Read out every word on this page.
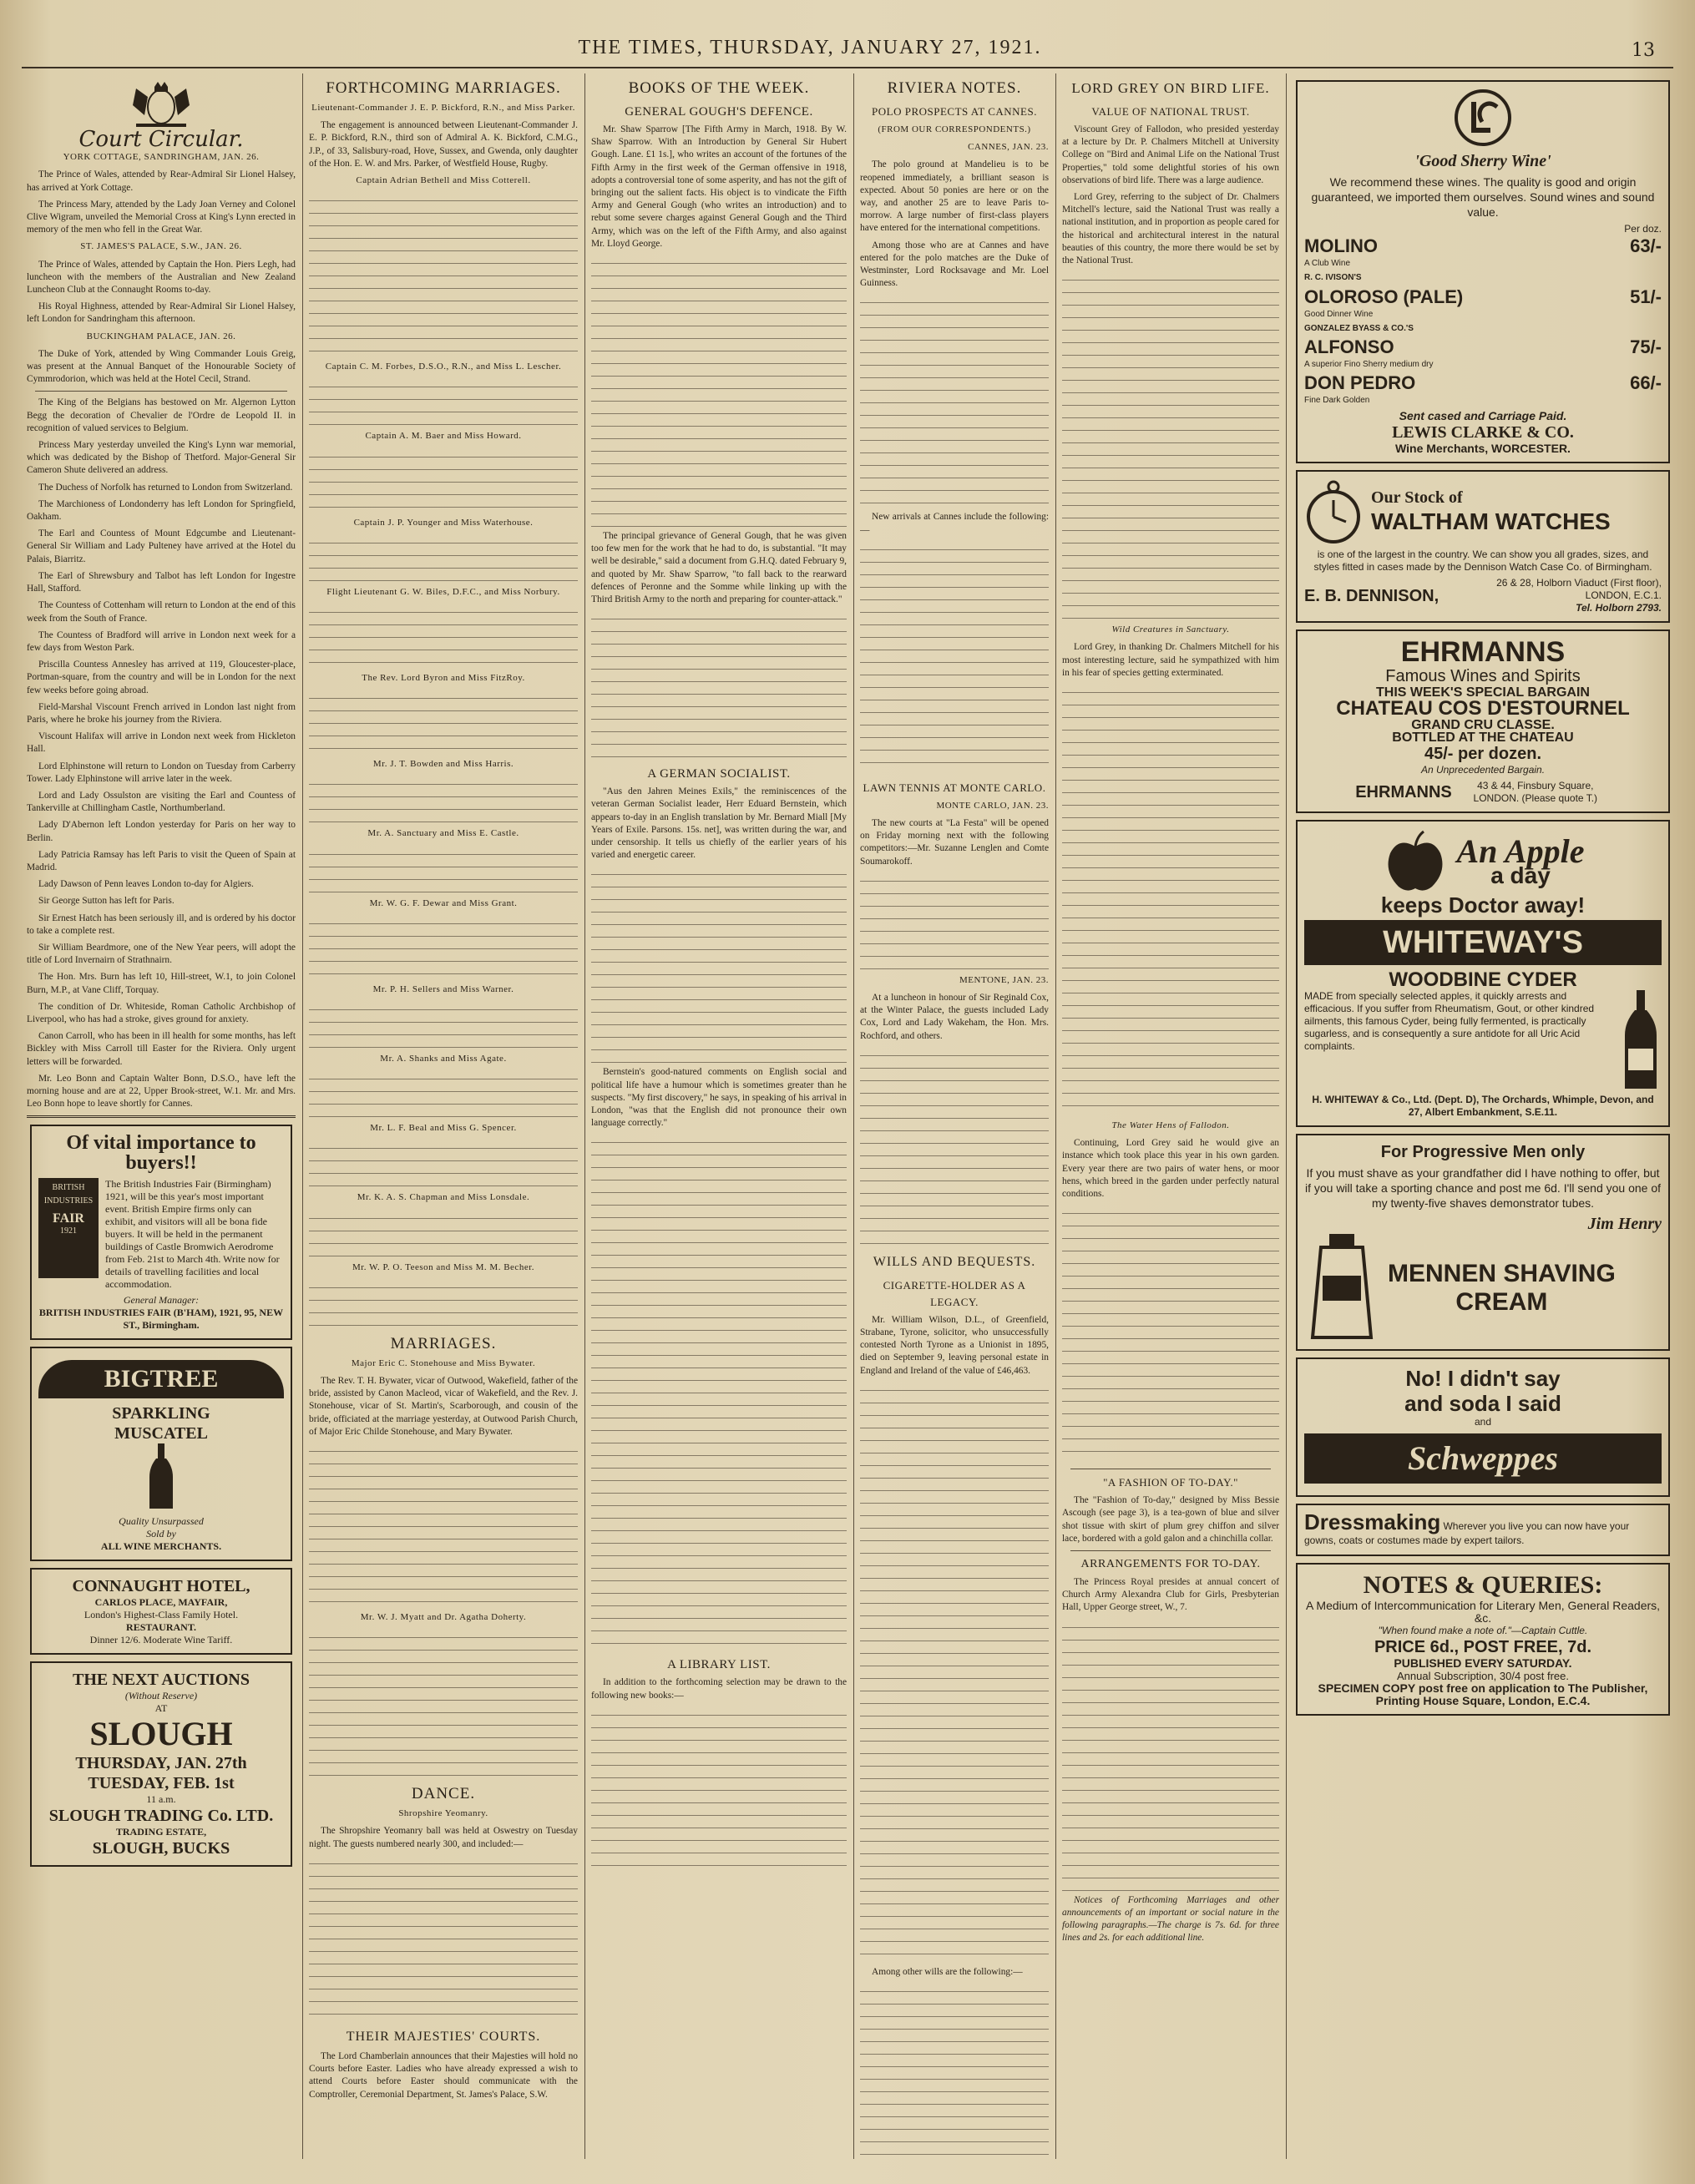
THE TIMES, THURSDAY, JANUARY 27, 1921.	13
Court Circular.
YORK COTTAGE, SANDRINGHAM, JAN. 26.

The Prince of Wales, attended by Rear-Admiral Sir Lionel Halsey, has arrived at York Cottage.

The Princess Mary, attended by the Lady Joan Verney and Colonel Clive Wigram, unveiled the Memorial Cross at King's Lynn erected in memory of the men who fell in the Great War.

ST. JAMES'S PALACE, S.W., JAN. 26.

The Prince of Wales, attended by Captain the Hon. Piers Legh, had luncheon with the members of the Australian and New Zealand Luncheon Club at the Connaught Rooms to-day.

His Royal Highness, attended by Rear-Admiral Sir Lionel Halsey, left London for Sandringham this afternoon.

BUCKINGHAM PALACE, JAN. 26.

The Duke of York, attended by Wing Commander Louis Greig, was present at the Annual Banquet of the Honourable Society of Cymmrodorion, which was held at the Hotel Cecil, Strand.

The King of the Belgians has bestowed on Mr. Algernon Lytton Begg the decoration of Chevalier de l'Ordre de Leopold II. in recognition of valued services to Belgium.

Princess Mary yesterday unveiled the King's Lynn war memorial, which was dedicated by the Bishop of Thetford. Major-General Sir Cameron Shute delivered an address.

The Duchess of Norfolk has returned to London from Switzerland.

The Marchioness of Londonderry has left London for Springfield, Oakham.

The Earl and Countess of Mount Edgcumbe and Lieutenant-General Sir William and Lady Pulteney have arrived at the Hotel du Palais, Biarritz.

The Earl of Shrewsbury and Talbot has left London for Ingestre Hall, Stafford.

The Countess of Cottenham will return to London at the end of this week from the South of France.

The Countess of Bradford will arrive in London next week for a few days from Weston Park.

Priscilla Countess Annesley has arrived at 119, Gloucester-place, Portman-square, from the country and will be in London for the next few weeks before going abroad.

Field-Marshal Viscount French arrived in London last night from Paris, where he broke his journey from the Riviera.

Viscount Halifax will arrive in London next week from Hickleton Hall.

Lord Elphinstone will return to London on Tuesday from Carberry Tower. Lady Elphinstone will arrive later in the week.

Lord and Lady Ossulston are visiting the Earl and Countess of Tankerville at Chillingham Castle, Northumberland.

Lady D'Abernon left London yesterday for Paris on her way to Berlin.

Lady Patricia Ramsay has left Paris to visit the Queen of Spain at Madrid.

Lady Dawson of Penn leaves London to-day for Algiers.

Sir George Sutton has left for Paris.

Sir Ernest Hatch has been seriously ill, and is ordered by his doctor to take a complete rest.

Sir William Beardmore, one of the New Year peers, will adopt the title of Lord Invernairn of Strathnairn.

The Hon. Mrs. Burn has left 10, Hill-street, W.1, to join Colonel Burn, M.P., at Vane Cliff, Torquay.

The condition of Dr. Whiteside, Roman Catholic Archbishop of Liverpool, who has had a stroke, gives ground for anxiety.

Canon Carroll, who has been in ill health for some months, has left Bickley with Miss Carroll till Easter for the Riviera. Only urgent letters will be forwarded.

Mr. Leo Bonn and Captain Walter Bonn, D.S.O., have left the morning house and are at 22, Upper Brook-street, W.1. Mr. and Mrs. Leo Bonn hope to leave shortly for Cannes.

Of vital importance to buyers!!
BRITISH INDUSTRIES
FAIR
1921
The British Industries Fair (Birmingham) 1921, will be this year's most important event. British Empire firms only can exhibit, and visitors will all be bona fide buyers. It will be held in the permanent buildings of Castle Bromwich Aerodrome from Feb. 21st to March 4th. Write now for details of travelling facilities and local accommodation.
General Manager:
BRITISH INDUSTRIES FAIR (B'HAM), 1921, 95, NEW ST., Birmingham.
BIGTREE
SPARKLING
MUSCATEL
Quality Unsurpassed
Sold by
ALL WINE MERCHANTS.
CONNAUGHT HOTEL,
CARLOS PLACE, MAYFAIR,
London's Highest-Class Family Hotel.
RESTAURANT.
Dinner 12/6. Moderate Wine Tariff.
THE NEXT AUCTIONS
(Without Reserve)
AT
SLOUGH
THURSDAY, JAN. 27th
TUESDAY, FEB. 1st
11 a.m.
SLOUGH TRADING Co. LTD.
TRADING ESTATE,
SLOUGH, BUCKS
FORTHCOMING MARRIAGES.
Lieutenant-Commander J. E. P. Bickford, R.N., and Miss Parker.

The engagement is announced between Lieutenant-Commander J. E. P. Bickford, R.N., third son of Admiral A. K. Bickford, C.M.G., J.P., of 33, Salisbury-road, Hove, Sussex, and Gwenda, only daughter of the Hon. E. W. and Mrs. Parker, of Westfield House, Rugby.

Captain Adrian Bethell and Miss Cotterell.
Captain C. M. Forbes, D.S.O., R.N., and Miss L. Lescher.
Captain A. M. Baer and Miss Howard.
Captain J. P. Younger and Miss Waterhouse.
Flight Lieutenant G. W. Biles, D.F.C., and Miss Norbury.
The Rev. Lord Byron and Miss FitzRoy.
Mr. J. T. Bowden and Miss Harris.
Mr. A. Sanctuary and Miss E. Castle.
Mr. W. G. F. Dewar and Miss Grant.
Mr. P. H. Sellers and Miss Warner.
Mr. A. Shanks and Miss Agate.
Mr. L. F. Beal and Miss G. Spencer.
Mr. K. A. S. Chapman and Miss Lonsdale.
Mr. W. P. O. Teeson and Miss M. M. Becher.
MARRIAGES.
Major Eric C. Stonehouse and Miss Bywater.

The Rev. T. H. Bywater, vicar of Outwood, Wakefield, father of the bride, assisted by Canon Macleod, vicar of Wakefield, and the Rev. J. Stonehouse, vicar of St. Martin's, Scarborough, and cousin of the bride, officiated at the marriage yesterday, at Outwood Parish Church, of Major Eric Childe Stonehouse, and Mary Bywater.

Mr. W. J. Myatt and Dr. Agatha Doherty.
DANCE.
Shropshire Yeomanry.

The Shropshire Yeomanry ball was held at Oswestry on Tuesday night. The guests numbered nearly 300, and included:—

THEIR MAJESTIES' COURTS.

The Lord Chamberlain announces that their Majesties will hold no Courts before Easter. Ladies who have already expressed a wish to attend Courts before Easter should communicate with the Comptroller, Ceremonial Department, St. James's Palace, S.W.

BOOKS OF THE WEEK.
GENERAL GOUGH'S DEFENCE.

Mr. Shaw Sparrow [The Fifth Army in March, 1918. By W. Shaw Sparrow. With an Introduction by General Sir Hubert Gough. Lane. £1 1s.], who writes an account of the fortunes of the Fifth Army in the first week of the German offensive in 1918, adopts a controversial tone of some asperity, and has not the gift of bringing out the salient facts. His object is to vindicate the Fifth Army and General Gough (who writes an introduction) and to rebut some severe charges against General Gough and the Third Army, which was on the left of the Fifth Army, and also against Mr. Lloyd George.

The principal grievance of General Gough, that he was given too few men for the work that he had to do, is substantial. "It may well be desirable," said a document from G.H.Q. dated February 9, and quoted by Mr. Shaw Sparrow, "to fall back to the rearward defences of Peronne and the Somme while linking up with the Third British Army to the north and preparing for counter-attack."

A GERMAN SOCIALIST.

"Aus den Jahren Meines Exils," the reminiscences of the veteran German Socialist leader, Herr Eduard Bernstein, which appears to-day in an English translation by Mr. Bernard Miall [My Years of Exile. Parsons. 15s. net], was written during the war, and under censorship. It tells us chiefly of the earlier years of his varied and energetic career.

Bernstein's good-natured comments on English social and political life have a humour which is sometimes greater than he suspects. "My first discovery," he says, in speaking of his arrival in London, "was that the English did not pronounce their own language correctly."

A LIBRARY LIST.

In addition to the forthcoming selection may be drawn to the following new books:—

RIVIERA NOTES.
POLO PROSPECTS AT CANNES.
(FROM OUR CORRESPONDENTS.)
CANNES, JAN. 23.

The polo ground at Mandelieu is to be reopened immediately, a brilliant season is expected. About 50 ponies are here or on the way, and another 25 are to leave Paris to-morrow. A large number of first-class players have entered for the international competitions.

Among those who are at Cannes and have entered for the polo matches are the Duke of Westminster, Lord Rocksavage and Mr. Loel Guinness.

New arrivals at Cannes include the following:—

LAWN TENNIS AT MONTE CARLO.
MONTE CARLO, JAN. 23.

The new courts at "La Festa" will be opened on Friday morning next with the following competitors:—Mr. Suzanne Lenglen and Comte Soumarokoff.

MENTONE, JAN. 23.

At a luncheon in honour of Sir Reginald Cox, at the Winter Palace, the guests included Lady Cox, Lord and Lady Wakeham, the Hon. Mrs. Rochford, and others.

WILLS AND BEQUESTS.
CIGARETTE-HOLDER AS A LEGACY.

Mr. William Wilson, D.L., of Greenfield, Strabane, Tyrone, solicitor, who unsuccessfully contested North Tyrone as a Unionist in 1895, died on September 9, leaving personal estate in England and Ireland of the value of £46,463.

Among other wills are the following:—

LORD GREY ON BIRD LIFE.
VALUE OF NATIONAL TRUST.

Viscount Grey of Fallodon, who presided yesterday at a lecture by Dr. P. Chalmers Mitchell at University College on "Bird and Animal Life on the National Trust Properties," told some delightful stories of his own observations of bird life. There was a large audience.

Lord Grey, referring to the subject of Dr. Chalmers Mitchell's lecture, said the National Trust was really a national institution, and in proportion as people cared for the historical and architectural interest in the natural beauties of this country, the more there would be set by the National Trust.

Wild Creatures in Sanctuary.

Lord Grey, in thanking Dr. Chalmers Mitchell for his most interesting lecture, said he sympathized with him in his fear of species getting exterminated.

The Water Hens of Fallodon.

Continuing, Lord Grey said he would give an instance which took place this year in his own garden. Every year there are two pairs of water hens, or moor hens, which breed in the garden under perfectly natural conditions.

"A FASHION OF TO-DAY."

The "Fashion of To-day," designed by Miss Bessie Ascough (see page 3), is a tea-gown of blue and silver shot tissue with skirt of plum grey chiffon and silver lace, bordered with a gold galon and a chinchilla collar.

ARRANGEMENTS FOR TO-DAY.

The Princess Royal presides at annual concert of Church Army Alexandra Club for Girls, Presbyterian Hall, Upper George street, W., 7.

Notices of Forthcoming Marriages and other announcements of an important or social nature in the following paragraphs.—The charge is 7s. 6d. for three lines and 2s. for each additional line.

'Good Sherry Wine'
We recommend these wines. The quality is good and origin guaranteed, we imported them ourselves. Sound wines and sound value.
Per doz.
MOLINO	63/-
A Club Wine
R. C. IVISON'S
OLOROSO (PALE)	51/-
Good Dinner Wine
GONZALEZ BYASS & CO.'S
ALFONSO	75/-
A superior Fino Sherry medium dry
DON PEDRO	66/-
Fine Dark Golden
Sent cased and Carriage Paid.
LEWIS CLARKE & CO.
Wine Merchants, WORCESTER.
Our Stock of
WALTHAM WATCHES
is one of the largest in the country. We can show you all grades, sizes, and styles fitted in cases made by the Dennison Watch Case Co. of Birmingham.
E. B. DENNISON,
26 & 28, Holborn Viaduct (First floor), LONDON, E.C.1.
Tel. Holborn 2793.
EHRMANNS
Famous Wines and Spirits
THIS WEEK'S SPECIAL BARGAIN
CHATEAU COS D'ESTOURNEL
GRAND CRU CLASSE.
BOTTLED AT THE CHATEAU
45/- per dozen.
An Unprecedented Bargain.
EHRMANNS	43 & 44, Finsbury Square, LONDON. (Please quote T.)
An Apple
a day
keeps Doctor away!
WHITEWAY'S
WOODBINE CYDER
MADE from specially selected apples, it quickly arrests and efficacious. If you suffer from Rheumatism, Gout, or other kindred ailments, this famous Cyder, being fully fermented, is practically sugarless, and is consequently a sure antidote for all Uric Acid complaints.
H. WHITEWAY & Co., Ltd. (Dept. D), The Orchards, Whimple, Devon, and 27, Albert Embankment, S.E.11.
For Progressive Men only
If you must shave as your grandfather did I have nothing to offer, but if you will take a sporting chance and post me 6d. I'll send you one of my twenty-five shaves demonstrator tubes.
Jim Henry
MENNEN SHAVING
CREAM
No! I didn't say
and soda I said
and
Schweppes
Dressmaking Wherever you live you can now have your gowns, coats or costumes made by expert tailors.
NOTES & QUERIES:
A Medium of Intercommunication for Literary Men, General Readers, &c.
"When found make a note of."—Captain Cuttle.
PRICE 6d., POST FREE, 7d.
PUBLISHED EVERY SATURDAY.
Annual Subscription, 30/4 post free.
SPECIMEN COPY post free on application to The Publisher, Printing House Square, London, E.C.4.
